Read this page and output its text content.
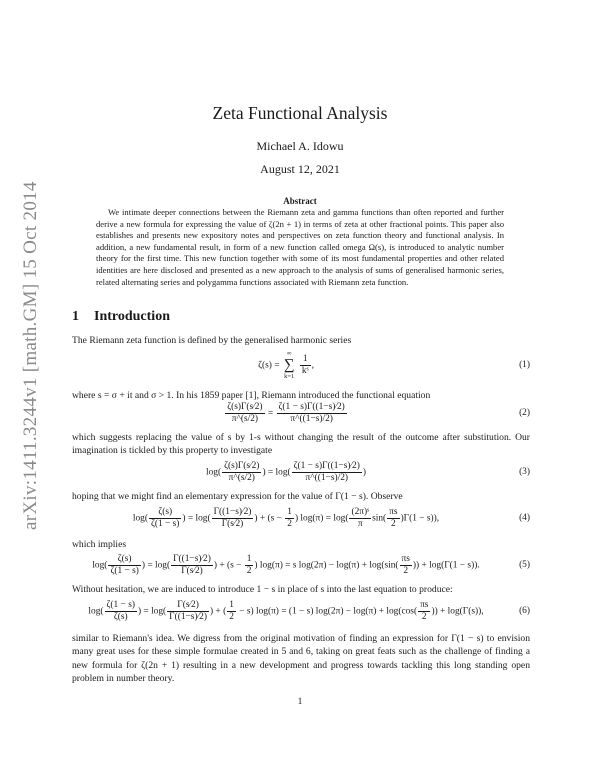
arXiv:1411.3244v1 [math.GM] 15 Oct 2014
Zeta Functional Analysis
Michael A. Idowu
August 12, 2021
Abstract
We intimate deeper connections between the Riemann zeta and gamma functions than often reported and further derive a new formula for expressing the value of ζ(2n + 1) in terms of zeta at other fractional points. This paper also establishes and presents new expository notes and perspectives on zeta function theory and functional analysis. In addition, a new fundamental result, in form of a new function called omega Ω(s), is introduced to analytic number theory for the first time. This new function together with some of its most fundamental properties and other related identities are here disclosed and presented as a new approach to the analysis of sums of generalised harmonic series, related alternating series and polygamma functions associated with Riemann zeta function.
1 Introduction
The Riemann zeta function is defined by the generalised harmonic series
ζ(s) =
∞
∑
k=1
$\frac{1}{\text{kˢ}}$ ,	(1)
where s = σ + it and σ > 1. In his 1859 paper [1], Riemann introduced the functional equation
$\frac{\zeta(s)\Gamma(s⁄2)}{\pi\^{}(s/2)} = \frac{\zeta(1 - s)\Gamma((1-s)⁄2)}{\pi\^{}((1-s)/2)}$	(2)
which suggests replacing the value of s by 1-s without changing the result of the outcome after substitution. Our imagination is tickled by this property to investigate
$\log( \frac{\zeta(s)\Gamma(s⁄2)}{\pi\^{}(s/2)}$ ) = $\log( \frac{\zeta(1 - s)\Gamma((1-s)⁄2)}{\pi\^{}((1-s)/2)}$ )	(3)
hoping that we might find an elementary expression for the value of Γ(1 − s). Observe
$\log( \frac{\zeta(s)}{\zeta(1 - s)}$ ) = $\log( \frac{\Gamma((1-s)⁄2)}{\Gamma(s⁄2)}$ ) + ($s - \frac{1}{2}$ ) $\log(\pi) = \log( \frac{\text{(2π)ˢ}}{\pi} \sin( \frac{\pi s}{2} )\Gamma(1 - s))$,	(4)
which implies
$\log( \frac{\zeta(s)}{\zeta(1 - s)}$ ) = $\log( \frac{\Gamma((1-s)⁄2)}{\Gamma(s⁄2)}$ ) + ($s - \frac{1}{2}$ ) log(π) = s $\log(2\pi) - \log(\pi) + \log(\sin( \frac{\pi s}{2}$ )) + log(Γ(1 − s)).	(5)
Without hesitation, we are induced to introduce 1 − s in place of s into the last equation to produce:
$\log( \frac{\zeta(1 - s)}{\zeta(s)}$ ) = $\log( \frac{\Gamma(s⁄2)}{\Gamma((1-s)⁄2)}$ ) + ( $\frac{1}{2} - s$) log(π) = (1 − s) $\log(2\pi) - \log(\pi) + \log(\cos( \frac{\pi s}{2}$ )) + log(Γ(s)),	(6)
similar to Riemann's idea. We digress from the original motivation of finding an expression for Γ(1 − s) to envision many great uses for these simple formulae created in 5 and 6, taking on great feats such as the challenge of finding a new formula for ζ(2n + 1) resulting in a new development and progress towards tackling this long standing open problem in number theory.
1
